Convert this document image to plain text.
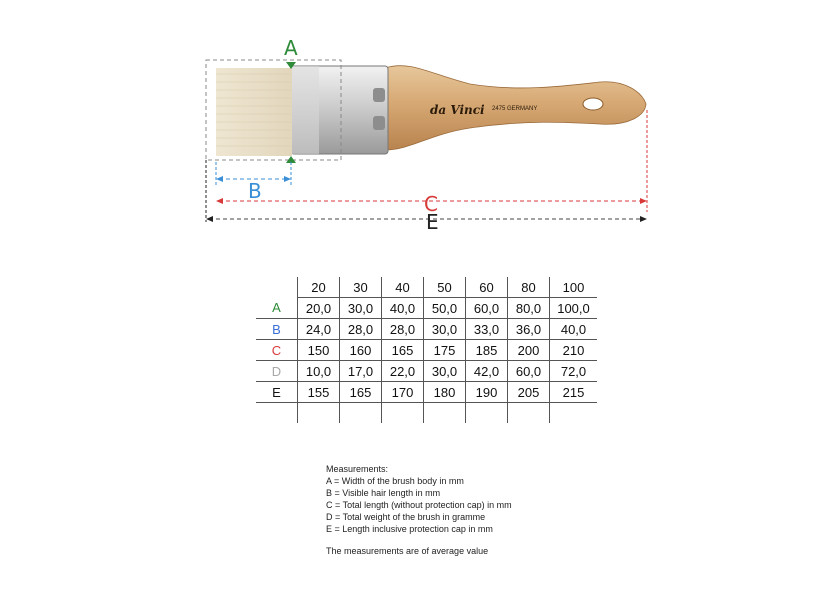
da Vinci 2475 GERMANY
A
B
C
E
	20	30	40	50	60	80	100
A	20,0	30,0	40,0	50,0	60,0	80,0	100,0
B	24,0	28,0	28,0	30,0	33,0	36,0	40,0
C	150	160	165	175	185	200	210
D	10,0	17,0	22,0	30,0	42,0	60,0	72,0
E	155	165	170	180	190	205	215

Measurements:
A = Width of the brush body in mm
B = Visible hair length in mm
C = Total length (without protection cap) in mm
D = Total weight of the brush in gramme
E = Length inclusive protection cap in mm
The measurements are of average value
